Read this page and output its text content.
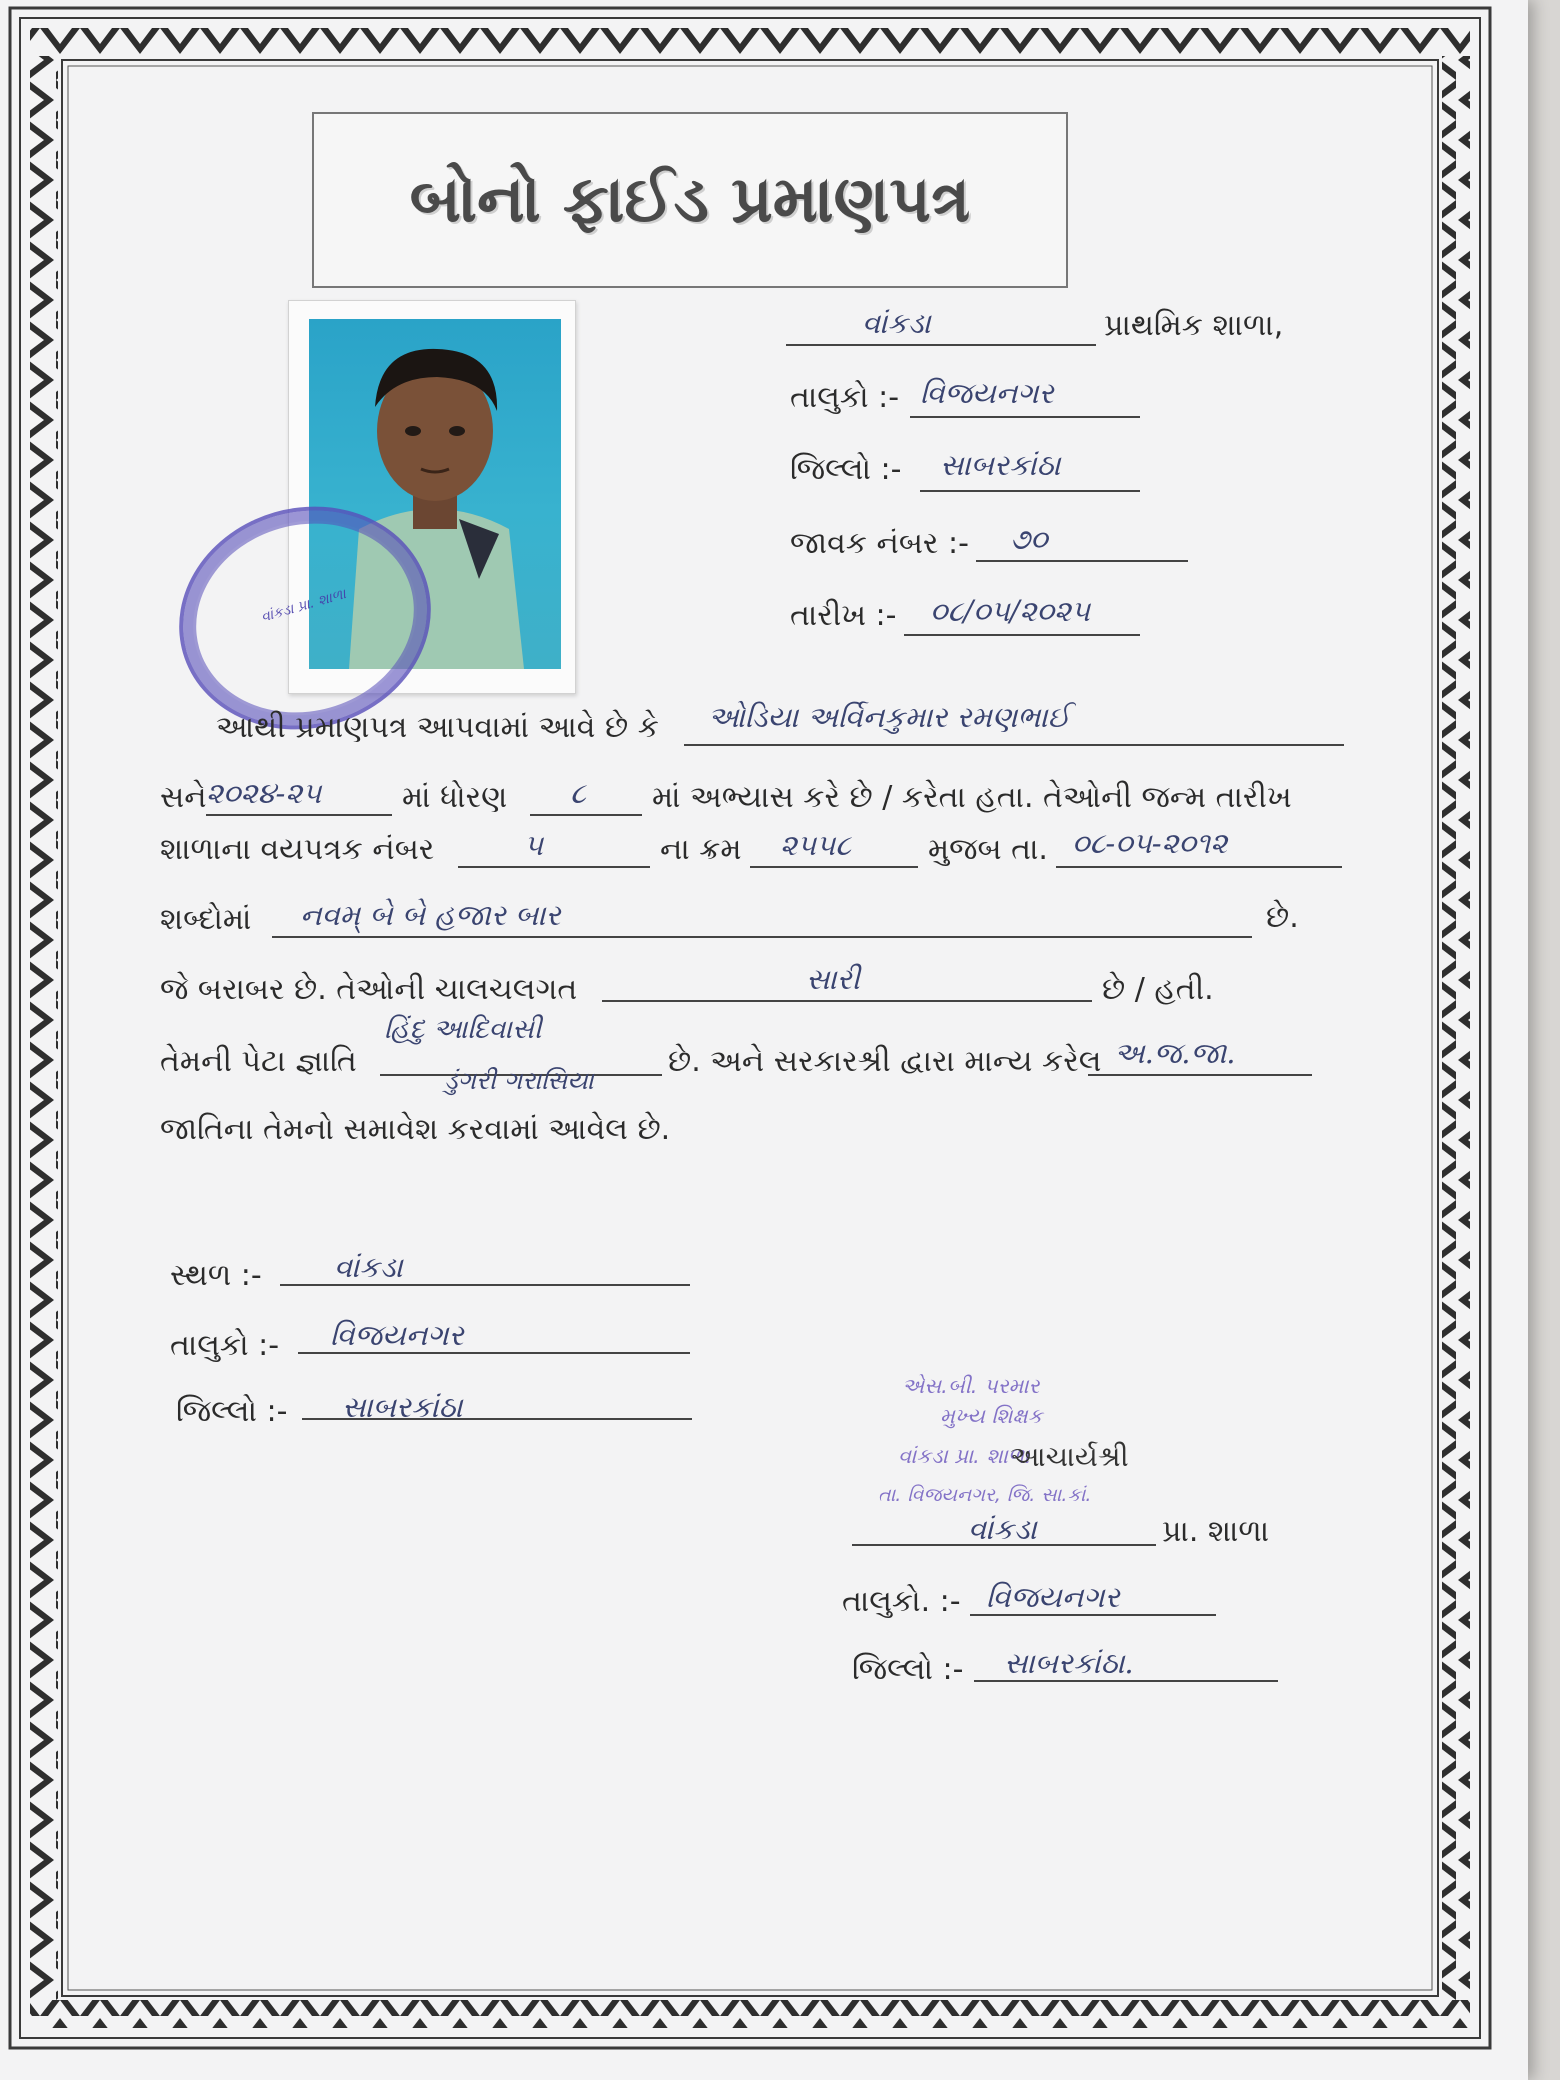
બોનો ફાઈડ પ્રમાણપત્ર
વાંકડા પ્રા. શાળા
વાંકડા	પ્રાથમિક શાળા,
તાલુકો :- વિજયનગર
જિલ્લો :- સાબરકાંઠા
જાવક નંબર :- ૭૦
તારીખ :- ૦૮/૦૫/૨૦૨૫
આથી પ્રમાણપત્ર આપવામાં આવે છે કે ઓડિયા અર્વિનકુમાર રમણભાઈ
સને ૨૦૨૪-૨૫	માં ધોરણ ૮ માં અભ્યાસ કરે છે / કરેતા હતા. તેઓની જન્મ તારીખ
શાળાના વયપત્રક નંબર	૫	ના ક્રમ ૨૫૫૮	મુજબ તા. ૦૮-૦૫-૨૦૧૨
શબ્દોમાં નવમ્ બે બે હજાર બાર	છે.
જે બરાબર છે. તેઓની ચાલચલગત	સારી	છે / હતી.
તેમની પેટા જ્ઞાતિ
હિંદુ આદિવાસી
ડુંગરી ગરાસિયા
છે. અને સરકારશ્રી દ્વારા માન્ય કરેલ અ.જ.જા.
જાતિના તેમનો સમાવેશ કરવામાં આવેલ છે.
સ્થળ :- વાંકડા
તાલુકો :- વિજયનગર
જિલ્લો :- સાબરકાંઠા
એસ.બી. પરમાર
મુખ્ય શિક્ષક
વાંકડા પ્રા. શાળા
આચાર્યશ્રી
તા. વિજયનગર, જિ. સા.કાં.
વાંકડા	પ્રા. શાળા
તાલુકો. :- વિજયનગર
જિલ્લો :- સાબરકાંઠા.
